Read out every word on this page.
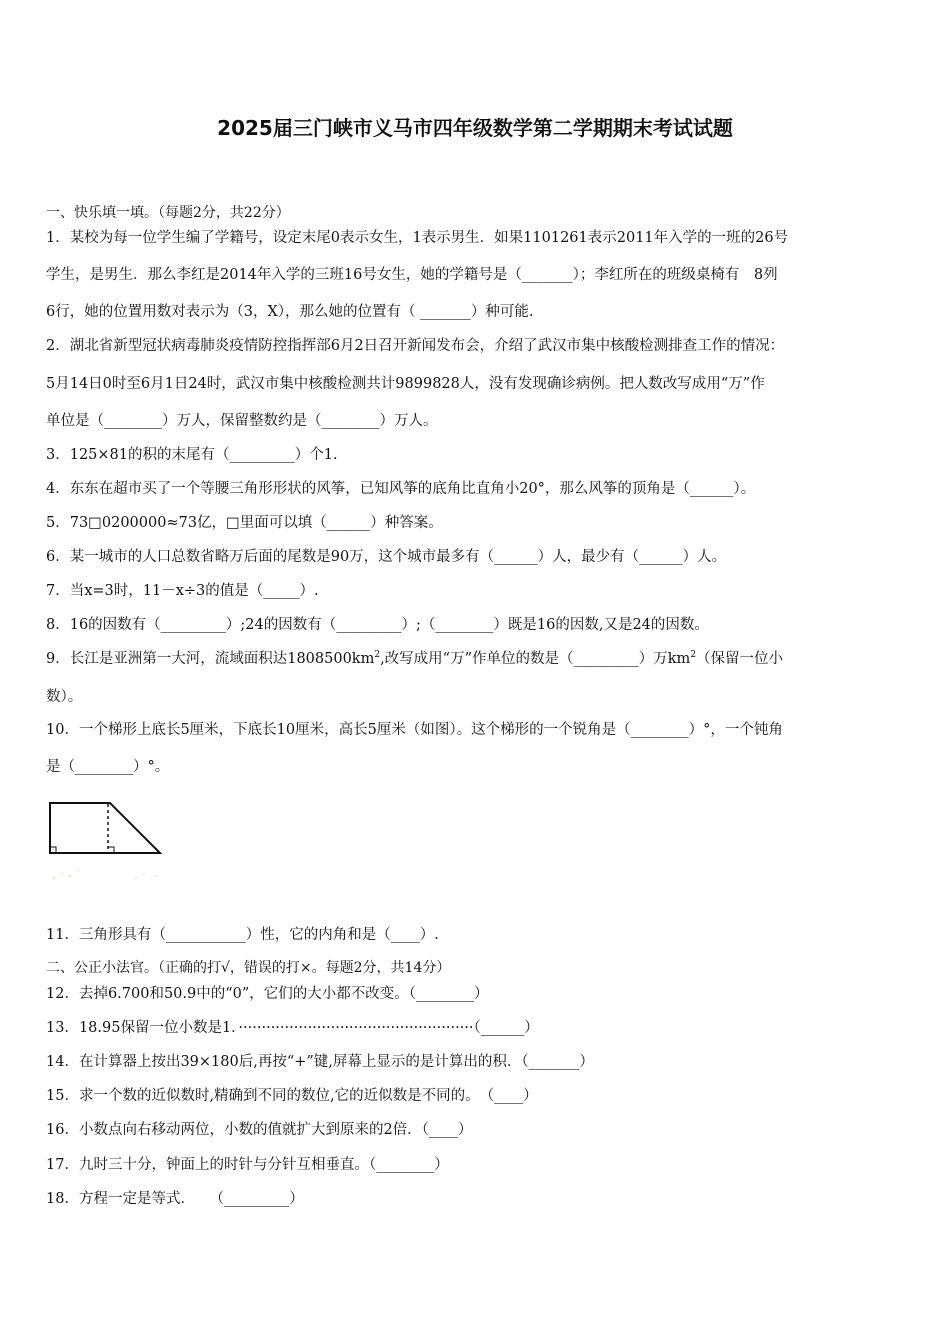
2025届三门峡市义马市四年级数学第二学期期末考试试题
一、快乐填一填。（每题2分，共22分）
1．某校为每一位学生编了学籍号，设定末尾0表示女生，1表示男生．如果1101261表示2011年入学的一班的26号
学生，是男生．那么李红是2014年入学的三班16号女生，她的学籍号是（_______）；李红所在的班级桌椅有　8列
6行，她的位置用数对表示为（3，X），那么她的位置有（ _______）种可能.
2．湖北省新型冠状病毒肺炎疫情防控指挥部6月2日召开新闻发布会，介绍了武汉市集中核酸检测排查工作的情况：
5月14日0时至6月1日24时，武汉市集中核酸检测共计9899828人，没有发现确诊病例。把人数改写成用“万”作
单位是（________）万人，保留整数约是（________）万人。
3．125×81的积的末尾有（_________）个1.
4．东东在超市买了一个等腰三角形形状的风筝，已知风筝的底角比直角小20°，那么风筝的顶角是（______）。
5．73□0200000≈73亿，□里面可以填（______）种答案。
6．某一城市的人口总数省略万后面的尾数是90万，这个城市最多有（______）人，最少有（______）人。
7．当x=3时，11－x÷3的值是（_____）.
8．16的因数有（_________）;24的因数有（_________）;（________）既是16的因数,又是24的因数。
9．长江是亚洲第一大河，流域面积达$1808500km^2$,改写成用“万”作单位的数是（_________）万$km^2$（保留一位小
数）。
10．一个梯形上底长5厘米，下底长10厘米，高长5厘米（如图）。这个梯形的一个锐角是（________）°，一个钝角
是（________）°。
11．三角形具有（___________）性，它的内角和是（____）.
二、公正小法官。（正确的打√，错误的打×。每题2分，共14分）
12．去掉6.700和50.9中的“0”，它们的大小都不改变。（________）
13．18.95保留一位小数是1．···················································（______）
14．在计算器上按出39×180后,再按“+”键,屏幕上显示的是计算出的积．（_______）
15．求一个数的近似数时,精确到不同的数位,它的近似数是不同的。　（____）
16．小数点向右移动两位，小数的值就扩大到原来的2倍．（____）
17．九时三十分，钟面上的时针与分针互相垂直。（________）
18．方程一定是等式．　　（_________）
